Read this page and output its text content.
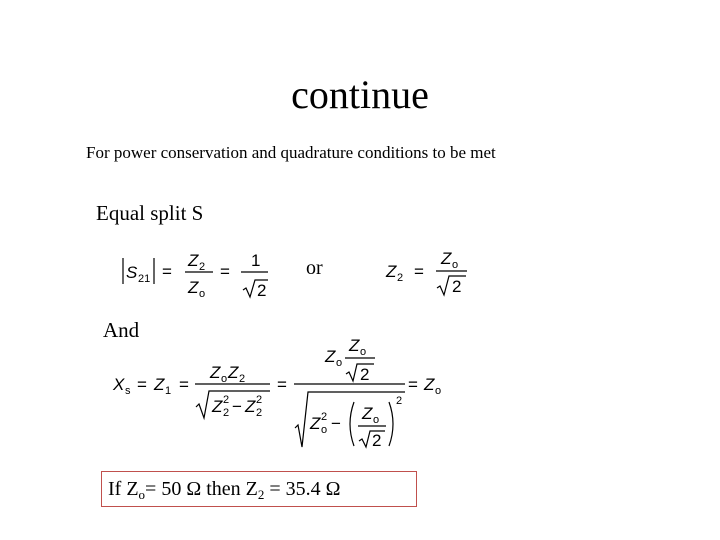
continue
For power conservation and quadrature conditions to be met
Equal split S
or
And
S 21 =
Z 2
Z o
=
1
2
Z 2 =
Z o
2
X s = Z 1 =
Z o Z 2
Z 2
2 − Z 2
2
=
Z o
Z o
2
Z 2
o −
Z o
2
2
= Z o
If $Z_o= 50$ Ω then $Z_2 = 35.4$ Ω
